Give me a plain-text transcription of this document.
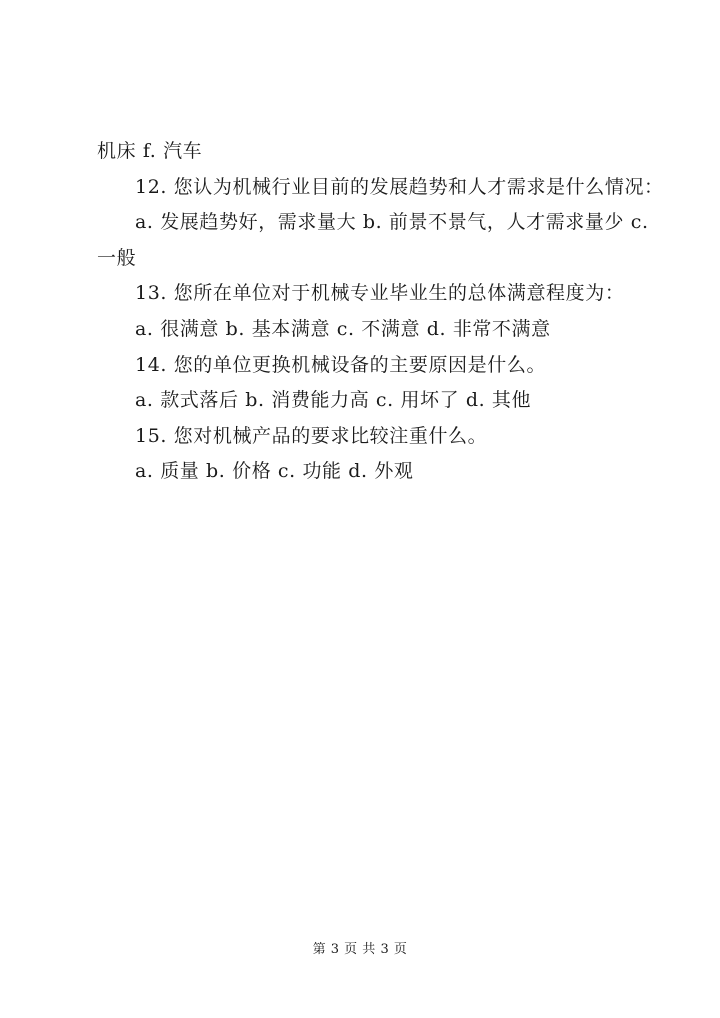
机床 f. 汽车
12. 您认为机械行业目前的发展趋势和人才需求是什么情况：
a. 发展趋势好，需求量大 b. 前景不景气，人才需求量少 c.
一般
13. 您所在单位对于机械专业毕业生的总体满意程度为：
a. 很满意 b. 基本满意 c. 不满意 d. 非常不满意
14. 您的单位更换机械设备的主要原因是什么。
a. 款式落后 b. 消费能力高 c. 用坏了 d. 其他
15. 您对机械产品的要求比较注重什么。
a. 质量 b. 价格 c. 功能 d. 外观
第 3 页 共 3 页
